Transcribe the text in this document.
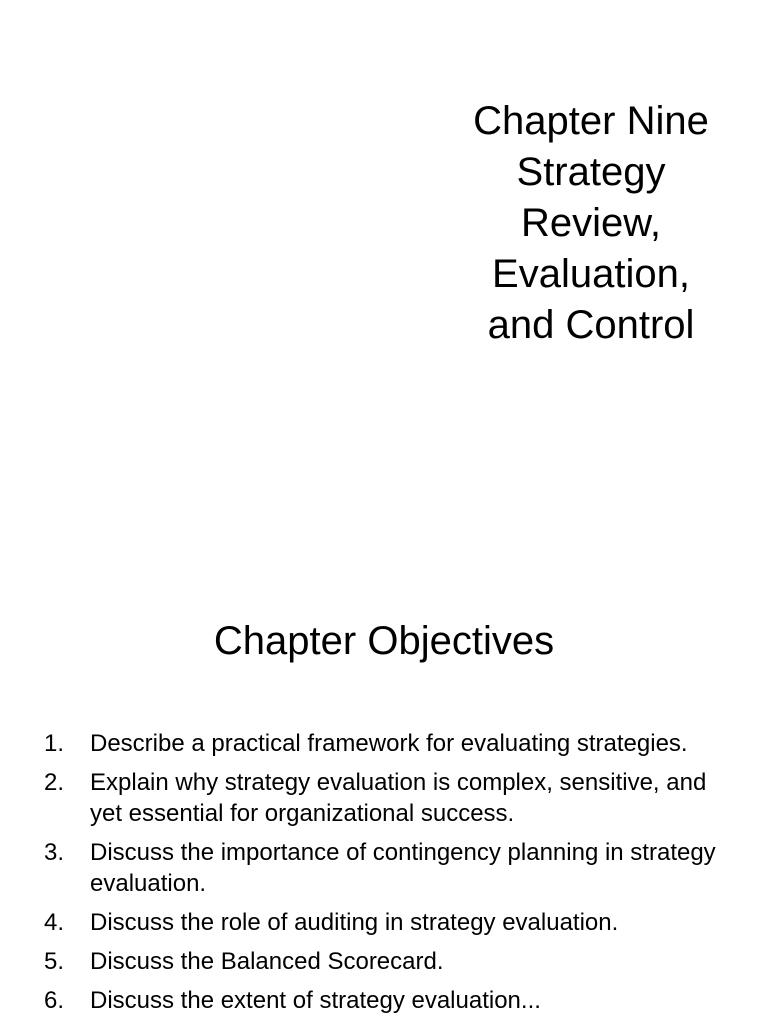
Chapter Nine
Strategy
Review,
Evaluation,
and Control
Chapter Objectives
1.	Describe a practical framework for evaluating strategies.
2.	Explain why strategy evaluation is complex, sensitive, and yet essential for organizational success.
3.	Discuss the importance of contingency planning in strategy evaluation.
4.	Discuss the role of auditing in strategy evaluation.
5.	Discuss the Balanced Scorecard.
6.	Discuss the extent of strategy evaluation...
